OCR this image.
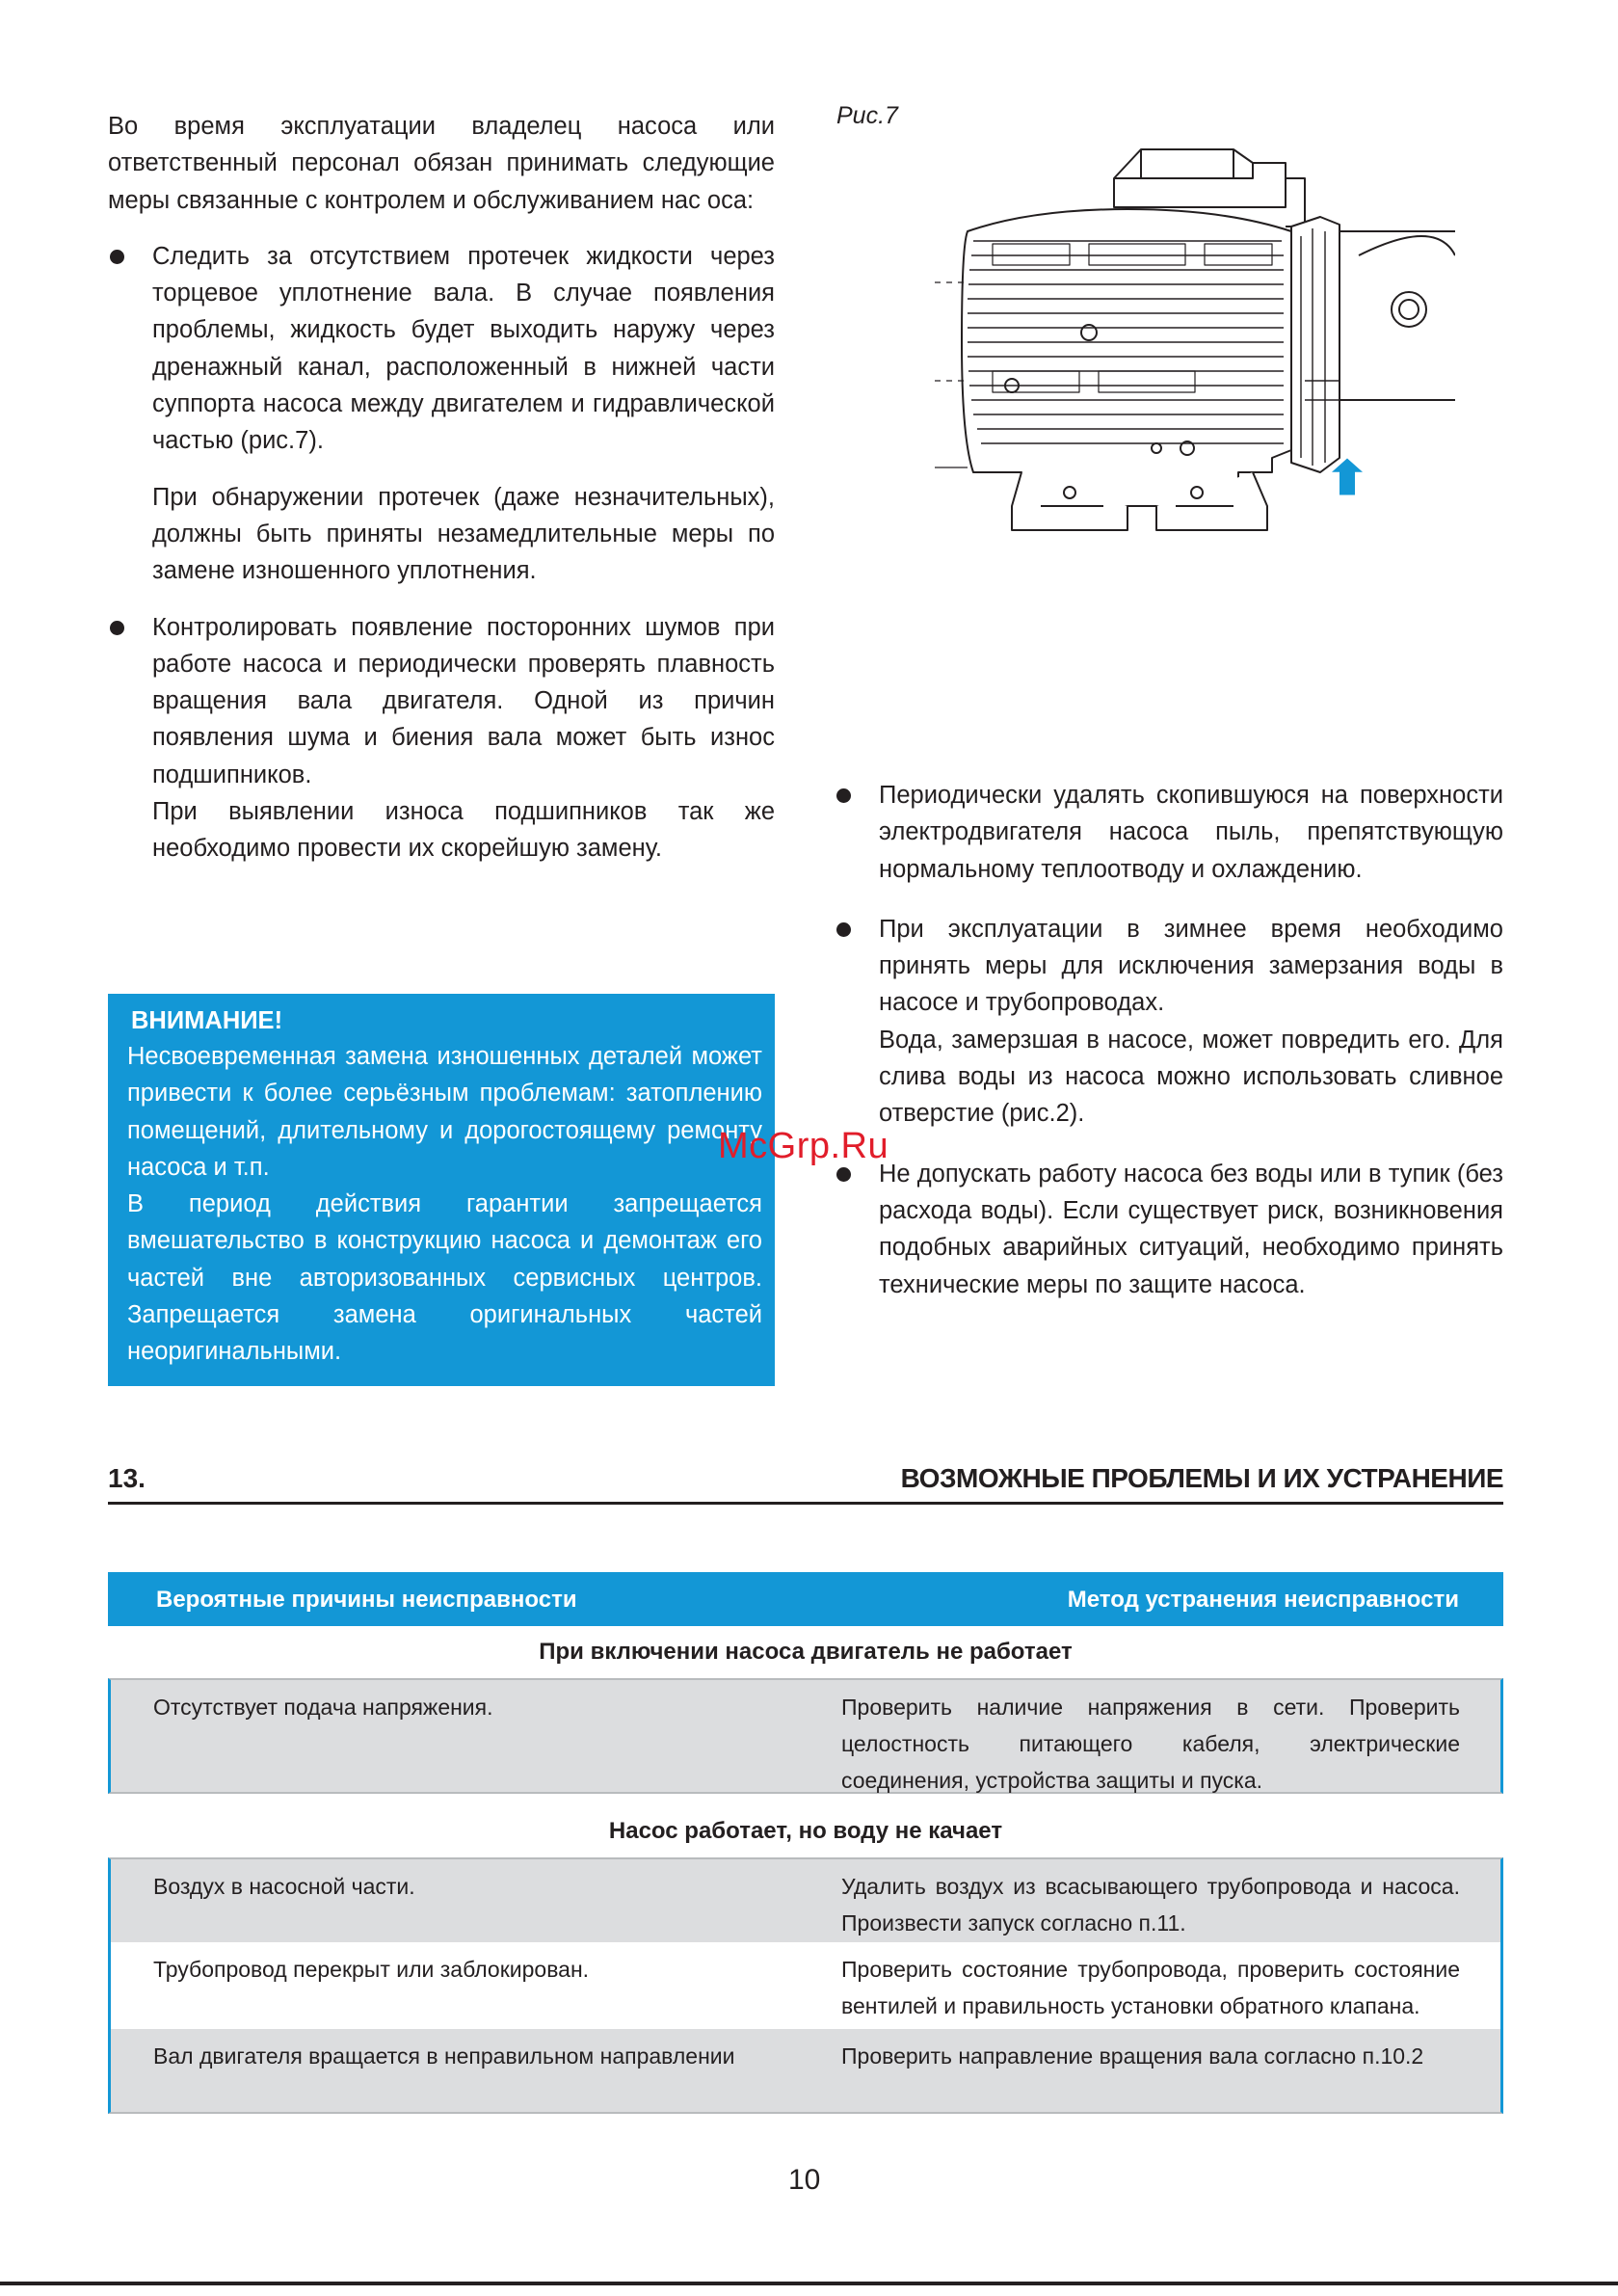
Во время эксплуатации владелец насоса или ответственный персонал обязан принимать следующие меры связанные с контролем и обслуживанием нас оса:

Следить за отсутствием протечек жидкости через торцевое уплотнение вала. В случае появления проблемы, жидкость будет выходить наружу через дренажный канал, расположенный в нижней части суппорта насоса между двигателем и гидравлической частью (рис.7).

При обнаружении протечек (даже незначительных), должны быть приняты незамедлительные меры по замене изношенного уплотнения.

Контролировать появление посторонних шумов при работе насоса и периодически проверять плавность вращения вала двигателя. Одной из причин появления шума и биения вала может быть износ подшипников.

При выявлении износа подшипников так же необходимо провести их скорейшую замену.

ВНИМАНИЕ!

Несвоевременная замена изношенных деталей может привести к более серьёзным проблемам: затоплению помещений, длительному и дорогостоящему ремонту насоса и т.п.

В период действия гарантии запрещается вмешательство в конструкцию насоса и демонтаж его частей вне авторизованных сервисных центров. Запрещается замена оригинальных частей неоригинальными.

Рис.7
McGrp.Ru

Периодически удалять скопившуюся на поверхности электродвигателя насоса пыль, препятствующую нормальному теплоотводу и охлаждению.

При эксплуатации в зимнее время необходимо принять меры для исключения замерзания воды в насосе и трубопроводах.

Вода, замерзшая в насосе, может повредить его. Для слива воды из насоса можно использовать сливное отверстие (рис.2).

Не допускать работу насоса без воды или в тупик (без расхода воды). Если существует риск, возникновения подобных аварийных ситуаций, необходимо принять технические меры по защите насоса.

13.	ВОЗМОЖНЫЕ ПРОБЛЕМЫ И ИХ УСТРАНЕНИЕ
Вероятные причины неисправности	Метод устранения неисправности
При включении насоса двигатель не работает
Отсутствует подача напряжения.	Проверить наличие напряжения в сети. Проверить целостность питающего кабеля, электрические соединения, устройства защиты и пуска.
Насос работает, но воду не качает
Воздух в насосной части.	Удалить воздух из всасывающего трубопровода и насоса. Произвести запуск согласно п.11.
Трубопровод перекрыт или заблокирован.	Проверить состояние трубопровода, проверить состояние вентилей и правильность установки обратного клапана.
Вал двигателя вращается в неправильном направлении	Проверить направление вращения вала согласно п.10.2
10
